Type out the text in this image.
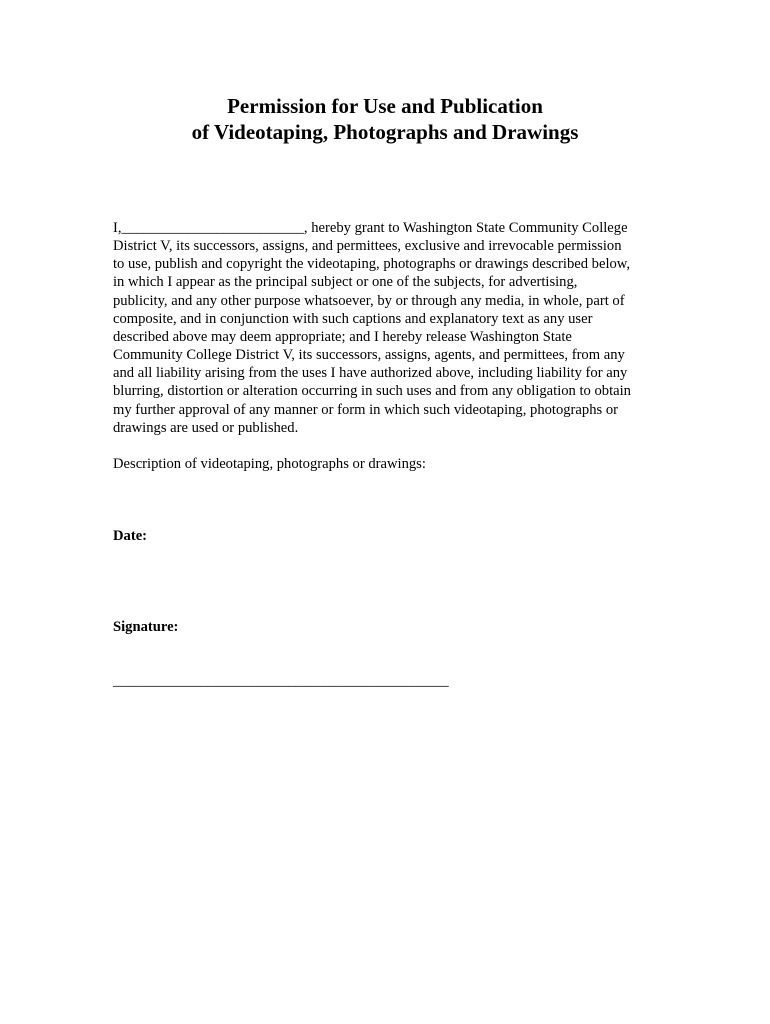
Permission for Use and Publication
of Videotaping, Photographs and Drawings
I,_________________________, hereby grant to Washington State Community College
District V, its successors, assigns, and permittees, exclusive and irrevocable permission
to use, publish and copyright the videotaping, photographs or drawings described below,
in which I appear as the principal subject or one of the subjects, for advertising,
publicity, and any other purpose whatsoever, by or through any media, in whole, part of
composite, and in conjunction with such captions and explanatory text as any user
described above may deem appropriate; and I hereby release Washington State
Community College District V, its successors, assigns, agents, and permittees, from any
and all liability arising from the uses I have authorized above, including liability for any
blurring, distortion or alteration occurring in such uses and from any obligation to obtain
my further approval of any manner or form in which such videotaping, photographs or
drawings are used or published.
Description of videotaping, photographs or drawings:
Date:
Signature:
______________________________________________
